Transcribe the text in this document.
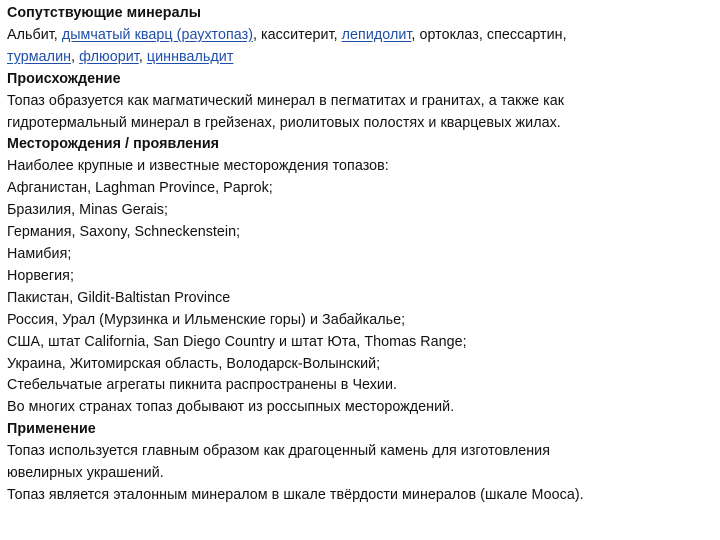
Сопутствующие минералы
Альбит, дымчатый кварц (раухтопаз), касситерит, лепидолит, ортоклаз, спессартин,
турмалин, флюорит, циннвальдит
Происхождение
Топаз образуется как магматический минерал в пегматитах и гранитах, а также как
гидротермальный минерал в грейзенах, риолитовых полостях и кварцевых жилах.
Месторождения / проявления
Наиболее крупные и известные месторождения топазов:
Афганистан, Laghman Province, Paprok;
Бразилия, Minas Gerais;
Германия, Saxony, Schneckenstein;
Намибия;
Норвегия;
Пакистан, Gildit-Baltistan Province
Россия, Урал (Мурзинка и Ильменские горы) и Забайкалье;
США, штат California, San Diego Country и штат Юта, Thomas Range;
Украина, Житомирская область, Володарск-Волынский;
Стебельчатые агрегаты пикнита распространены в Чехии.
Во многих странах топаз добывают из россыпных месторождений.
Применение
Топаз используется главным образом как драгоценный камень для изготовления
ювелирных украшений.
Топаз является эталонным минералом в шкале твёрдости минералов (шкале Мооса).
